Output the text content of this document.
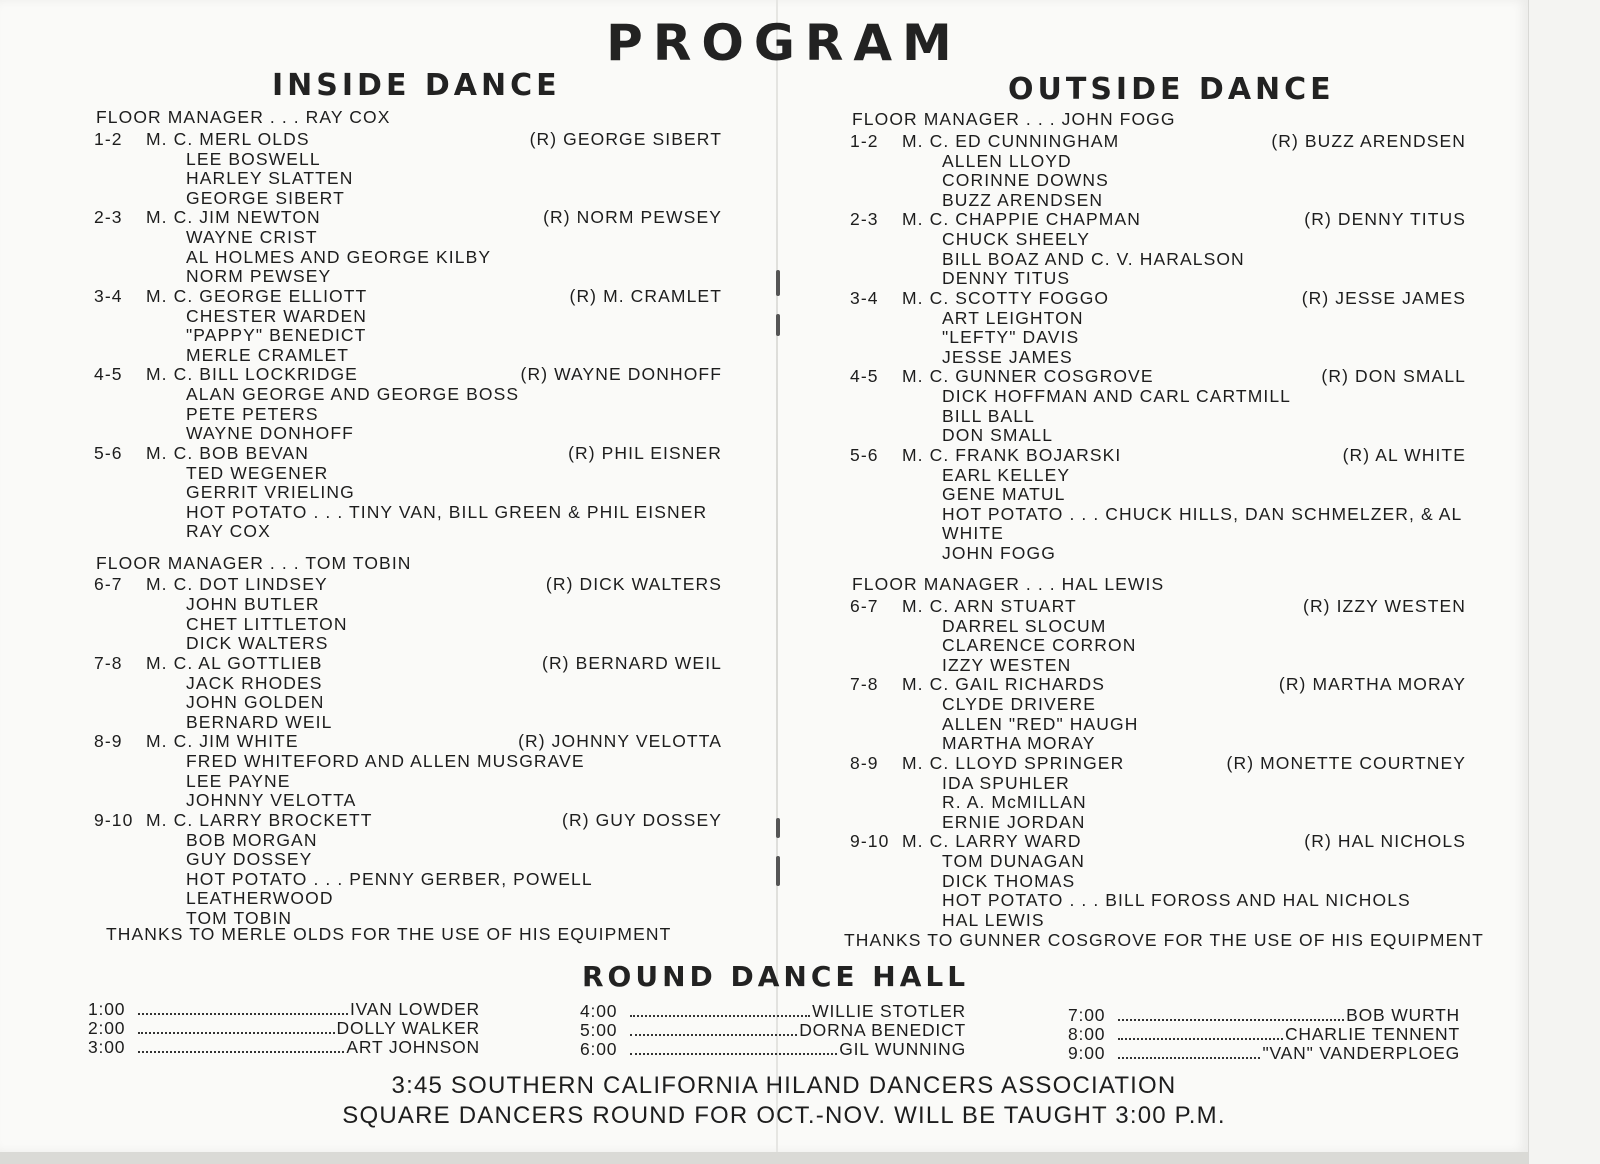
PROGRAM
INSIDE DANCE	OUTSIDE DANCE
FLOOR MANAGER . . . RAY COX
1-2	M. C. MERL OLDS	(R) GEORGE SIBERT
LEE BOSWELL
HARLEY SLATTEN
GEORGE SIBERT
2-3	M. C. JIM NEWTON	(R) NORM PEWSEY
WAYNE CRIST
AL HOLMES AND GEORGE KILBY
NORM PEWSEY
3-4	M. C. GEORGE ELLIOTT	(R) M. CRAMLET
CHESTER WARDEN
"PAPPY" BENEDICT
MERLE CRAMLET
4-5	M. C. BILL LOCKRIDGE	(R) WAYNE DONHOFF
ALAN GEORGE AND GEORGE BOSS
PETE PETERS
WAYNE DONHOFF
5-6	M. C. BOB BEVAN	(R) PHIL EISNER
TED WEGENER
GERRIT VRIELING
HOT POTATO . . . TINY VAN, BILL GREEN & PHIL EISNER
RAY COX
FLOOR MANAGER . . . TOM TOBIN
6-7	M. C. DOT LINDSEY	(R) DICK WALTERS
JOHN BUTLER
CHET LITTLETON
DICK WALTERS
7-8	M. C. AL GOTTLIEB	(R) BERNARD WEIL
JACK RHODES
JOHN GOLDEN
BERNARD WEIL
8-9	M. C. JIM WHITE	(R) JOHNNY VELOTTA
FRED WHITEFORD AND ALLEN MUSGRAVE
LEE PAYNE
JOHNNY VELOTTA
9-10 M. C. LARRY BROCKETT	(R) GUY DOSSEY
BOB MORGAN
GUY DOSSEY
HOT POTATO . . . PENNY GERBER, POWELL LEATHERWOOD
TOM TOBIN
FLOOR MANAGER . . . JOHN FOGG
1-2	M. C. ED CUNNINGHAM	(R) BUZZ ARENDSEN
ALLEN LLOYD
CORINNE DOWNS
BUZZ ARENDSEN
2-3	M. C. CHAPPIE CHAPMAN	(R) DENNY TITUS
CHUCK SHEELY
BILL BOAZ AND C. V. HARALSON
DENNY TITUS
3-4	M. C. SCOTTY FOGGO	(R) JESSE JAMES
ART LEIGHTON
"LEFTY" DAVIS
JESSE JAMES
4-5	M. C. GUNNER COSGROVE	(R) DON SMALL
DICK HOFFMAN AND CARL CARTMILL
BILL BALL
DON SMALL
5-6	M. C. FRANK BOJARSKI	(R) AL WHITE
EARL KELLEY
GENE MATUL
HOT POTATO . . . CHUCK HILLS, DAN SCHMELZER, & AL WHITE
JOHN FOGG
FLOOR MANAGER . . . HAL LEWIS
6-7	M. C. ARN STUART	(R) IZZY WESTEN
DARREL SLOCUM
CLARENCE CORRON
IZZY WESTEN
7-8	M. C. GAIL RICHARDS	(R) MARTHA MORAY
CLYDE DRIVERE
ALLEN "RED" HAUGH
MARTHA MORAY
8-9	M. C. LLOYD SPRINGER	(R) MONETTE COURTNEY
IDA SPUHLER
R. A. McMILLAN
ERNIE JORDAN
9-10 M. C. LARRY WARD	(R) HAL NICHOLS
TOM DUNAGAN
DICK THOMAS
HOT POTATO . . . BILL FOROSS AND HAL NICHOLS
HAL LEWIS
THANKS TO MERLE OLDS FOR THE USE OF HIS EQUIPMENT	THANKS TO GUNNER COSGROVE FOR THE USE OF HIS EQUIPMENT
ROUND DANCE HALL
1:00	IVAN LOWDER
2:00	DOLLY WALKER
3:00	ART JOHNSON
4:00	WILLIE STOTLER
5:00	DORNA BENEDICT
6:00	GIL WUNNING
7:00	BOB WURTH
8:00	CHARLIE TENNENT
9:00	"VAN" VANDERPLOEG
3:45 SOUTHERN CALIFORNIA HILAND DANCERS ASSOCIATION
SQUARE DANCERS ROUND FOR OCT.-NOV. WILL BE TAUGHT 3:00 P.M.
